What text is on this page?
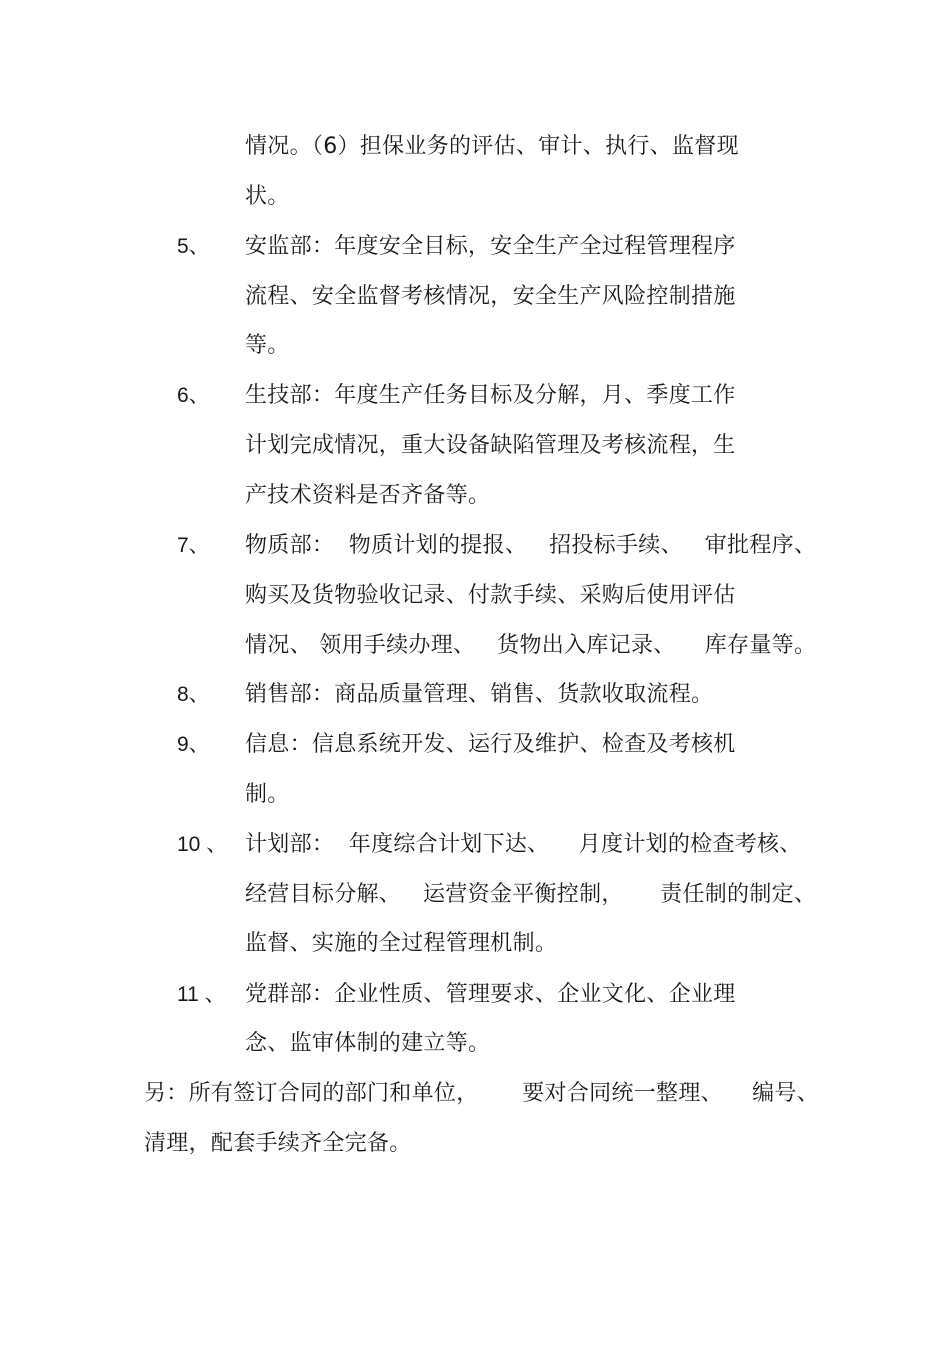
情况。（6）担保业务的评估、审计、执行、监督现
状。
5、 安监部：年度安全目标，安全生产全过程管理程序
流程、安全监督考核情况，安全生产风险控制措施
等。
6、 生技部：年度生产任务目标及分解，月、季度工作
计划完成情况，重大设备缺陷管理及考核流程，生
产技术资料是否齐备等。
7、 物质部：  物质计划的提报、   招投标手续、   审批程序、
购买及货物验收记录、付款手续、采购后使用评估
情况、 领用手续办理、   货物出入库记录、    库存量等。
8、 销售部：商品质量管理、销售、货款收取流程。
9、 信息：信息系统开发、运行及维护、检查及考核机
制。
10 、 计划部：  年度综合计划下达、    月度计划的检查考核、
经营目标分解、   运营资金平衡控制，     责任制的制定、
监督、实施的全过程管理机制。
11 、 党群部：企业性质、管理要求、企业文化、企业理
念、监审体制的建立等。
另：所有签订合同的部门和单位，      要对合同统一整理、    编号、
清理，配套手续齐全完备。
